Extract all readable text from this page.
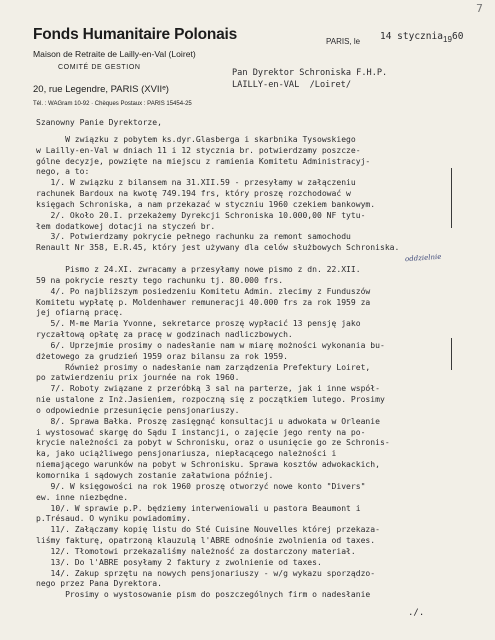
7
Fonds Humanitaire Polonais
Maison de Retraite de Lailly-en-Val (Loiret)
COMITÉ DE GESTION
20, rue Legendre, PARIS (XVIIᵉ)
Tél. : WAGram 10-92 · Chèques Postaux : PARIS 15454-25
PARIS, le 14 stycznia 19 60
Pan Dyrektor Schroniska F.H.P.
LAILLY-en-VAL  /Loiret/
oddzielnie
Szanowny Panie Dyrektorze,
W związku z pobytem ks.dyr.Glasberga i skarbnika Tysowskiego
w Lailly-en-Val w dniach 11 i 12 stycznia br. potwierdzamy poszcze-
gólne decyzje, powzięte na miejscu z ramienia Komitetu Administracyj-
nego, a to:
1/. W związku z bilansem na 31.XII.59 - przesyłamy w załączeniu
rachunek Bardoux na kwotę 749.194 frs, który proszę rozchodować w
księgach Schroniska, a nam przekazać w styczniu 1960 czekiem bankowym.
2/. Około 20.I. przekażemy Dyrekcji Schroniska 10.000,00 NF tytu-
łem dodatkowej dotacji na styczeń br.
3/. Potwierdzamy pokrycie pełnego rachunku za remont samochodu
Renault Nr 358, E.R.45, który jest używany dla celów służbowych Schroniska.
Pismo z 24.XI. zwracamy a przesyłamy nowe pismo z dn. 22.XII.
59 na pokrycie reszty tego rachunku tj. 80.000 frs.
4/. Po najbliższym posiedzeniu Komitetu Admin. zlecimy z Funduszów
Komitetu wypłatę p. Moldenhawer remuneracji 40.000 frs za rok 1959 za
jej ofiarną pracę.
5/. M-me Maria Yvonne, sekretarce proszę wypłacić 13 pensję jako
ryczałtową opłatę za pracę w godzinach nadliczbowych.
6/. Uprzejmie prosimy o nadesłanie nam w miarę możności wykonania bu-
dżetowego za grudzień 1959 oraz bilansu za rok 1959.
Również prosimy o nadesłanie nam zarządzenia Prefektury Loiret,
po zatwierdzeniu prix journée na rok 1960.
7/. Roboty związane z przeróbką 3 sal na parterze, jak i inne współ-
nie ustalone z Inż.Jasieniem, rozpoczną się z początkiem lutego. Prosimy
o odpowiednie przesunięcie pensjonariuszy.
8/. Sprawa Bałka. Proszę zasięgnąć konsultacji u adwokata w Orleanie
i wystosować skargę do Sądu I instancji, o zajęcie jego renty na po-
krycie należności za pobyt w Schronisku, oraz o usunięcie go ze Schronis-
ka, jako uciążliwego pensjonariusza, niepłacącego należności i
niemającego warunków na pobyt w Schronisku. Sprawa kosztów adwokackich,
komornika i sądowych zostanie załatwiona później.
9/. W księgowości na rok 1960 proszę otworzyć nowe konto "Divers"
ew. inne niezbędne.
10/. W sprawie p.P. będziemy interweniowali u pastora Beaumont i
p.Trésaud. O wyniku powiadomimy.
11/. Załączamy kopię listu do Sté Cuisine Nouvelles której przekaza-
liśmy fakturę, opatrzoną klauzulą l'ABRE odnośnie zwolnienia od taxes.
12/. Tłomotowi przekazaliśmy należność za dostarczony materiał.
13/. Do l'ABRE posyłamy 2 faktury z zwolnienie od taxes.
14/. Zakup sprzętu na nowych pensjonariuszy - w/g wykazu sporządzo-
nego przez Pana Dyrektora.
Prosimy o wystosowanie pism do poszczególnych firm o nadesłanie
./.
